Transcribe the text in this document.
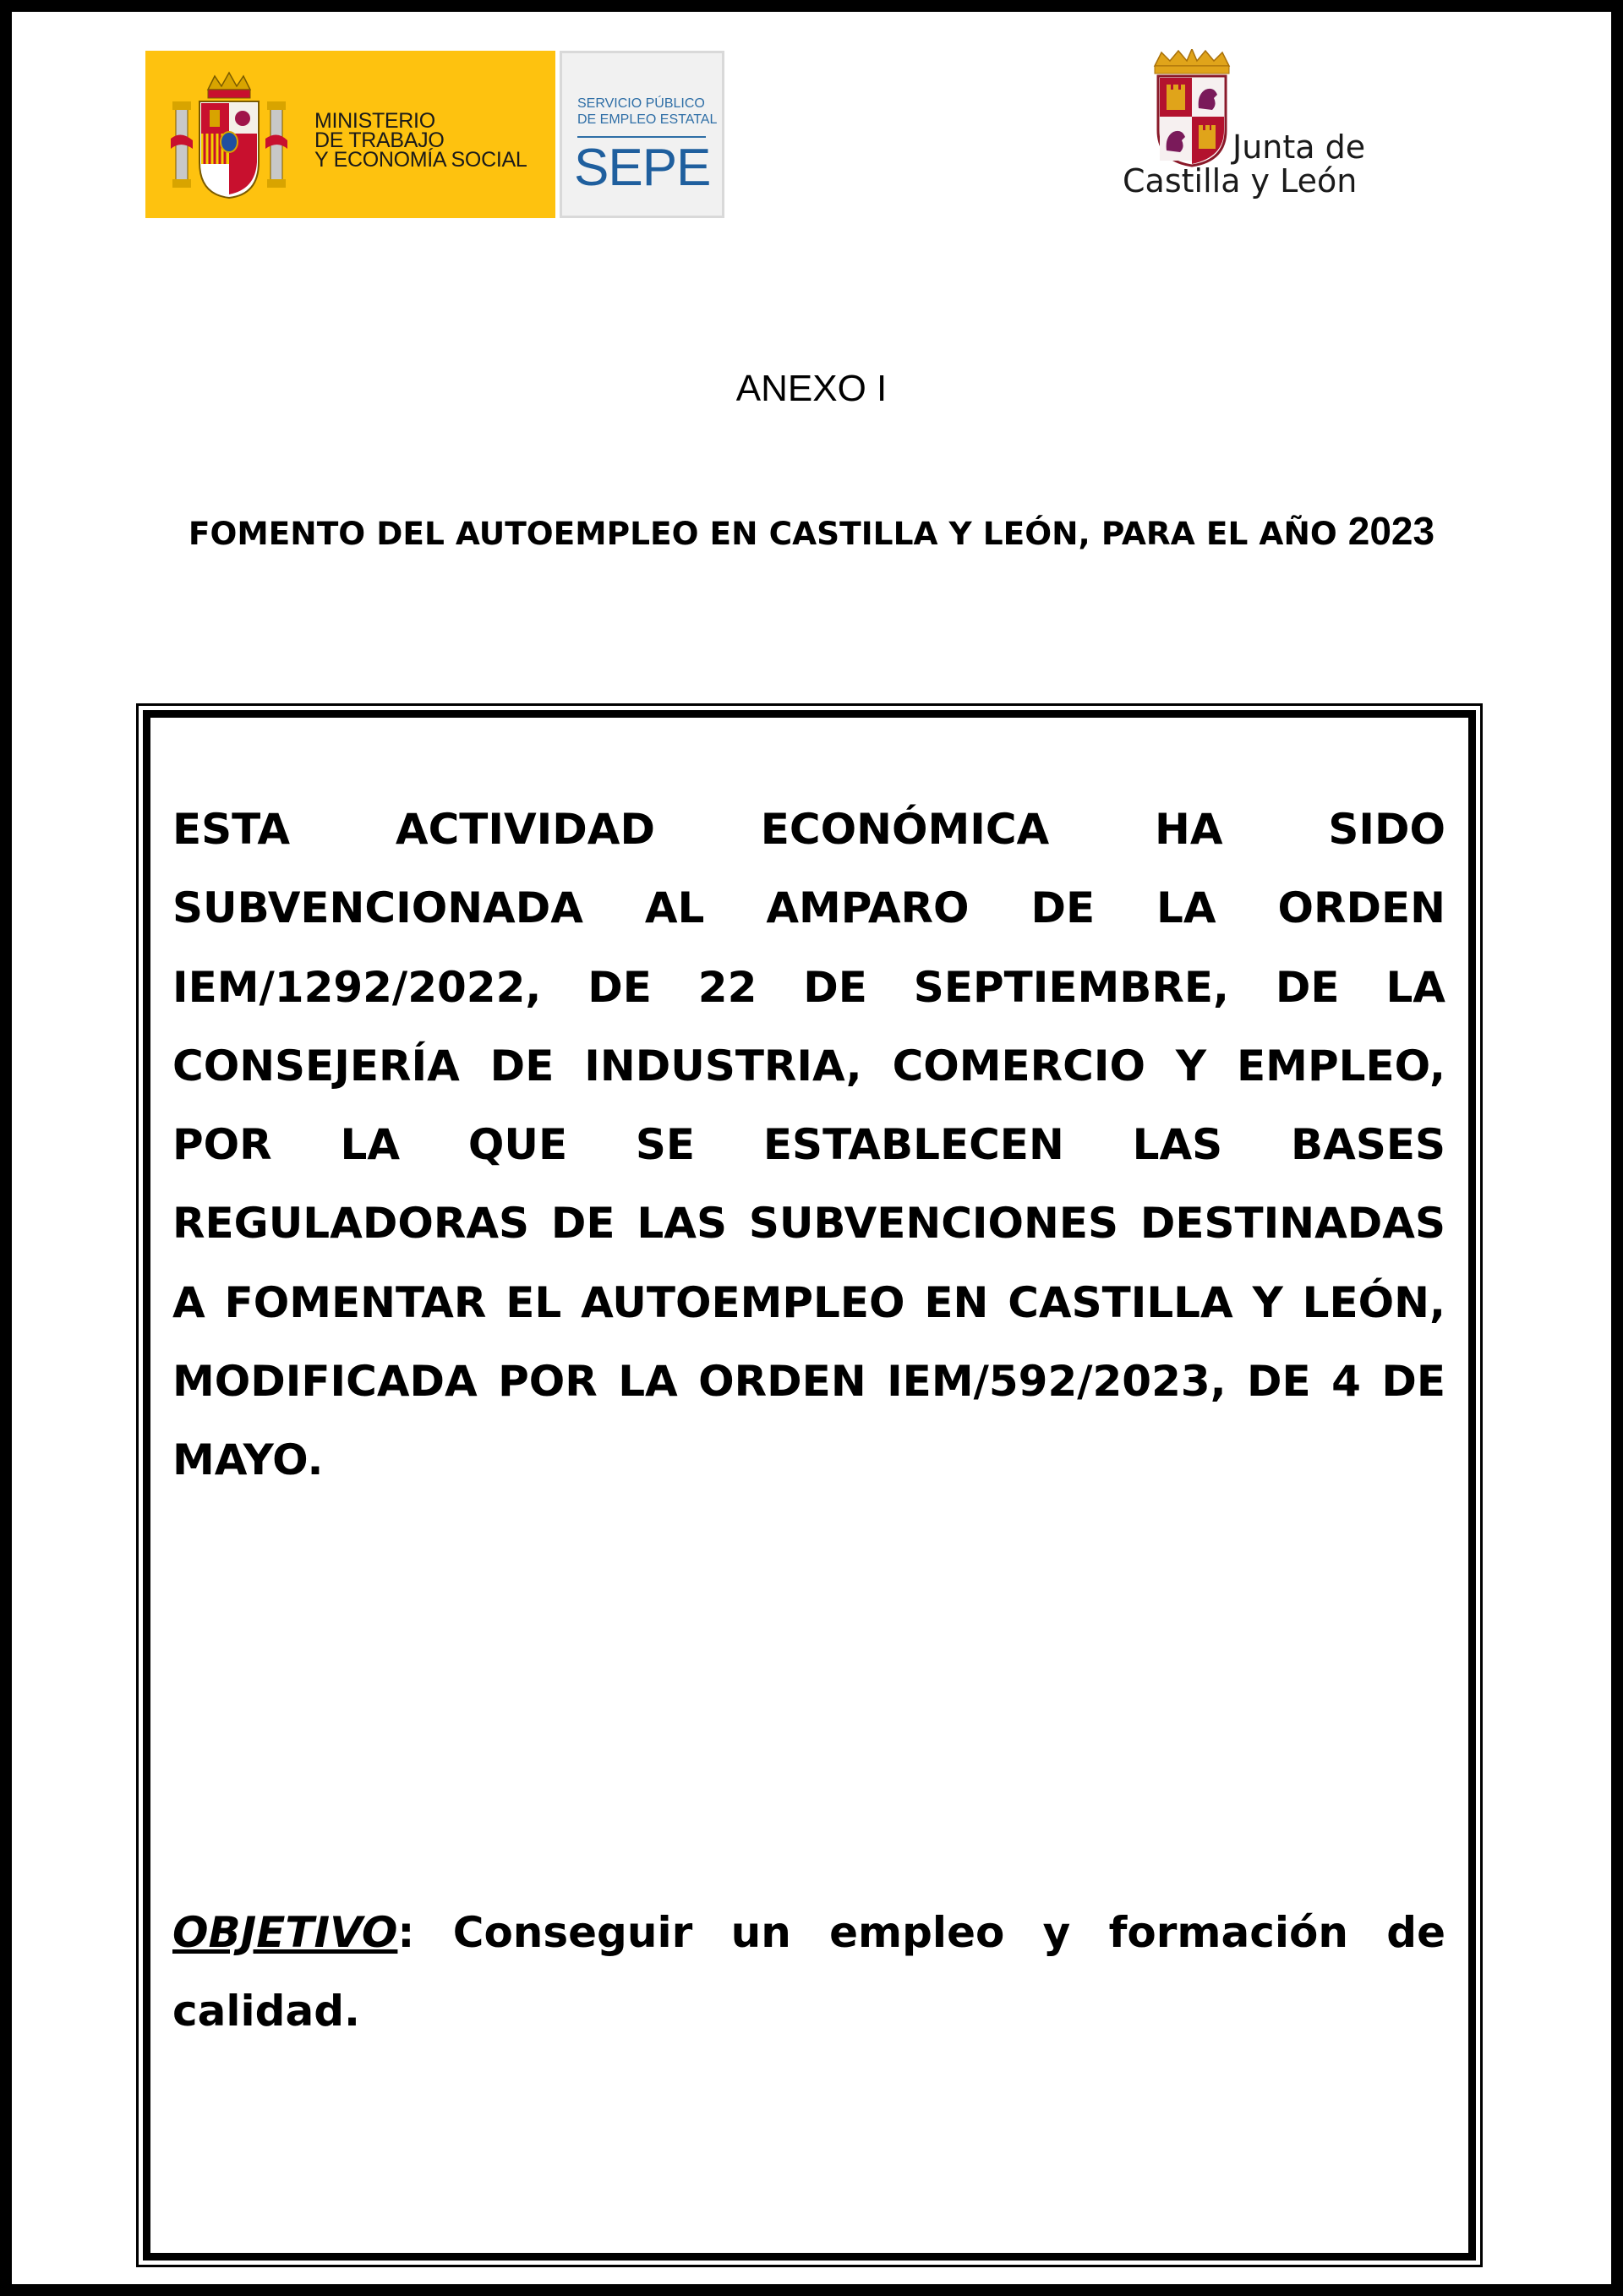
MINISTERIO
DE TRABAJO
Y ECONOMÍA SOCIAL
SERVICIO PÚBLICO
DE EMPLEO ESTATAL
SEPE	Junta de
Castilla y León
ANEXO I
FOMENTO DEL AUTOEMPLEO EN CASTILLA Y LEÓN, PARA EL AÑO 2023
ESTA ACTIVIDAD ECONÓMICA HA SIDO SUBVENCIONADA AL AMPARO DE LA ORDEN IEM/1292/2022, DE 22 DE SEPTIEMBRE, DE LA CONSEJERÍA DE INDUSTRIA, COMERCIO Y EMPLEO, POR LA QUE SE ESTABLECEN LAS BASES REGULADORAS DE LAS SUBVENCIONES DESTINADAS A FOMENTAR EL AUTOEMPLEO EN CASTILLA Y LEÓN, MODIFICADA POR LA ORDEN IEM/592/2023, DE 4 DE MAYO.
OBJETIVO: Conseguir un empleo y formación de calidad.
